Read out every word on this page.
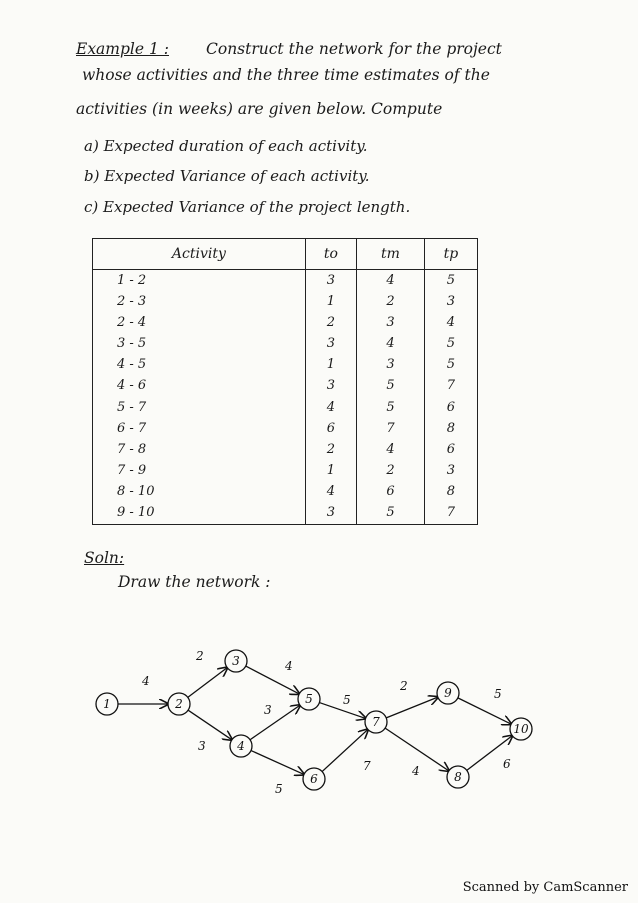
Example 1 : Construct the network for the project
whose activities and the three time estimates of the
activities (in weeks) are given below. Compute
a) Expected duration of each activity.
b) Expected Variance of each activity.
c) Expected Variance of the project length.
Activity	to	tm	tp
1 - 2	3	4	5
2 - 3	1	2	3
2 - 4	2	3	4
3 - 5	3	4	5
4 - 5	1	3	5
4 - 6	3	5	7
5 - 7	4	5	6
6 - 7	6	7	8
7 - 8	2	4	6
7 - 9	1	2	3
8 - 10	4	6	8
9 - 10	3	5	7
Soln:
Draw the network :
4
2
3
4
3
5
5
7
2
4
5
6
1	2
3
4
5
6
7
8
9
10
Scanned by CamScanner
